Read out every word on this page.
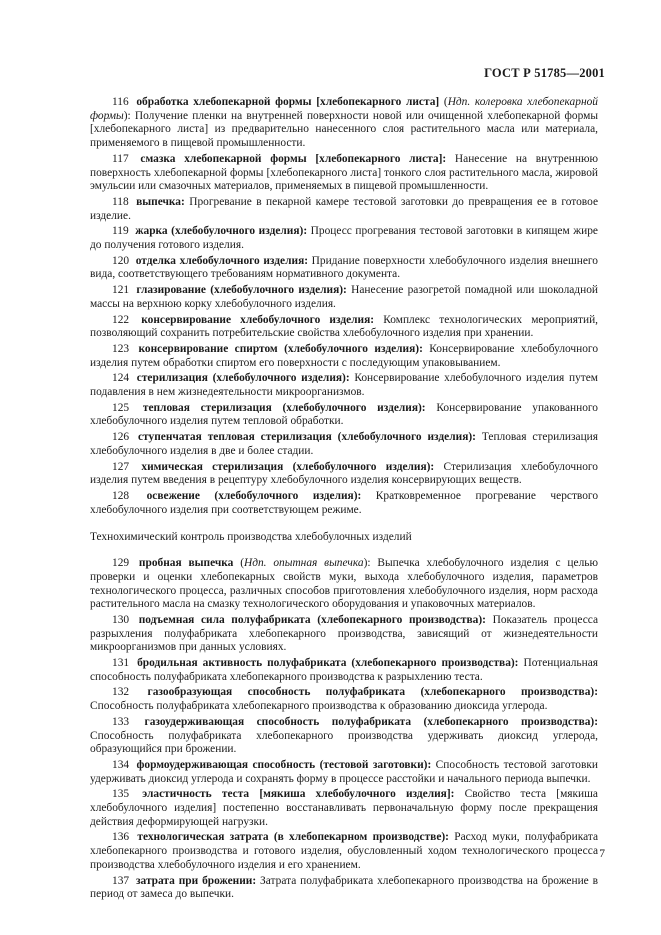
ГОСТ Р 51785—2001

116 обработка хлебопекарной формы [хлебопекарного листа] (Ндп. колеровка хлебопекарной формы): Получение пленки на внутренней поверхности новой или очищенной хлебопекарной формы [хлебопекарного листа] из предварительно нанесенного слоя растительного масла или материала, применяемого в пищевой промышленности.

117 смазка хлебопекарной формы [хлебопекарного листа]: Нанесение на внутреннюю поверхность хлебопекарной формы [хлебопекарного листа] тонкого слоя растительного масла, жировой эмульсии или смазочных материалов, применяемых в пищевой промышленности.

118 выпечка: Прогревание в пекарной камере тестовой заготовки до превращения ее в готовое изделие.

119 жарка (хлебобулочного изделия): Процесс прогревания тестовой заготовки в кипящем жире до получения готового изделия.

120 отделка хлебобулочного изделия: Придание поверхности хлебобулочного изделия внешнего вида, соответствующего требованиям нормативного документа.

121 глазирование (хлебобулочного изделия): Нанесение разогретой помадной или шоколадной массы на верхнюю корку хлебобулочного изделия.

122 консервирование хлебобулочного изделия: Комплекс технологических мероприятий, позволяющий сохранить потребительские свойства хлебобулочного изделия при хранении.

123 консервирование спиртом (хлебобулочного изделия): Консервирование хлебобулочного изделия путем обработки спиртом его поверхности с последующим упаковыванием.

124 стерилизация (хлебобулочного изделия): Консервирование хлебобулочного изделия путем подавления в нем жизнедеятельности микроорганизмов.

125 тепловая стерилизация (хлебобулочного изделия): Консервирование упакованного хлебобулочного изделия путем тепловой обработки.

126 ступенчатая тепловая стерилизация (хлебобулочного изделия): Тепловая стерилизация хлебобулочного изделия в две и более стадии.

127 химическая стерилизация (хлебобулочного изделия): Стерилизация хлебобулочного изделия путем введения в рецептуру хлебобулочного изделия консервирующих веществ.

128 освежение (хлебобулочного изделия): Кратковременное прогревание черствого хлебобулочного изделия при соответствующем режиме.

Технохимический контроль производства хлебобулочных изделий

129 пробная выпечка (Ндп. опытная выпечка): Выпечка хлебобулочного изделия с целью проверки и оценки хлебопекарных свойств муки, выхода хлебобулочного изделия, параметров технологического процесса, различных способов приготовления хлебобулочного изделия, норм расхода растительного масла на смазку технологического оборудования и упаковочных материалов.

130 подъемная сила полуфабриката (хлебопекарного производства): Показатель процесса разрыхления полуфабриката хлебопекарного производства, зависящий от жизнедеятельности микроорганизмов при данных условиях.

131 бродильная активность полуфабриката (хлебопекарного производства): Потенциальная способность полуфабриката хлебопекарного производства к разрыхлению теста.

132 газообразующая способность полуфабриката (хлебопекарного производства): Способность полуфабриката хлебопекарного производства к образованию диоксида углерода.

133 газоудерживающая способность полуфабриката (хлебопекарного производства): Способность полуфабриката хлебопекарного производства удерживать диоксид углерода, образующийся при брожении.

134 формоудерживающая способность (тестовой заготовки): Способность тестовой заготовки удерживать диоксид углерода и сохранять форму в процессе расстойки и начального периода выпечки.

135 эластичность теста [мякиша хлебобулочного изделия]: Свойство теста [мякиша хлебобулочного изделия] постепенно восстанавливать первоначальную форму после прекращения действия деформирующей нагрузки.

136 технологическая затрата (в хлебопекарном производстве): Расход муки, полуфабриката хлебопекарного производства и готового изделия, обусловленный ходом технологического процесса производства хлебобулочного изделия и его хранением.

137 затрата при брожении: Затрата полуфабриката хлебопекарного производства на брожение в период от замеса до выпечки.

7
